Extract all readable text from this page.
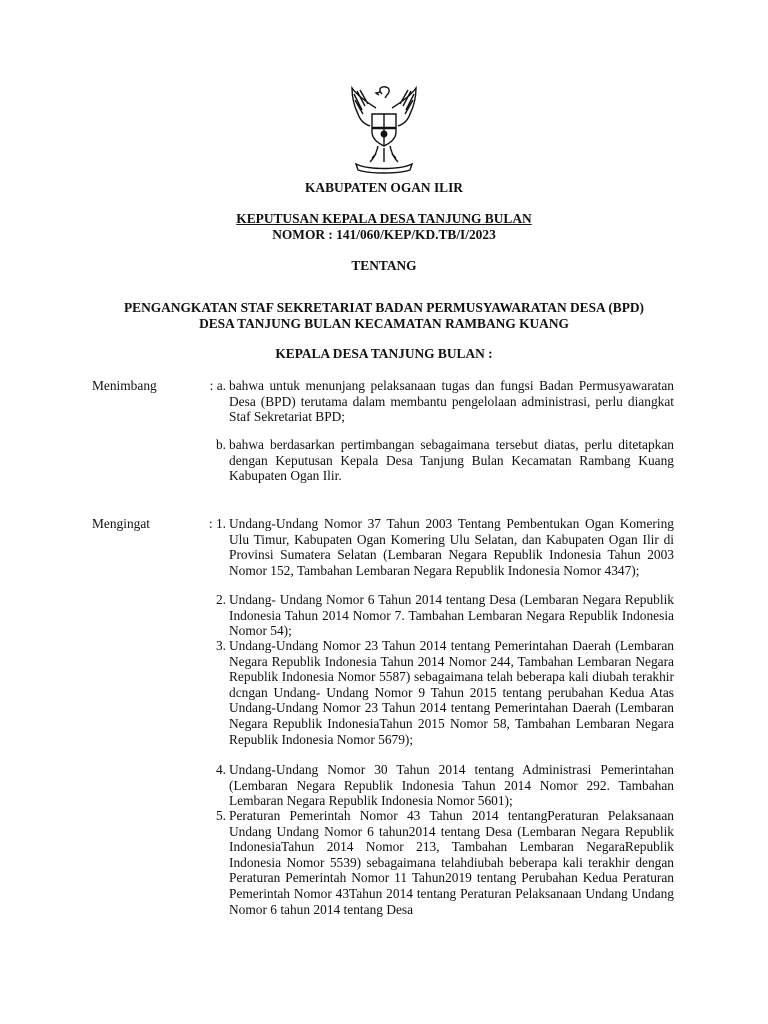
KABUPATEN OGAN ILIR
KEPUTUSAN KEPALA DESA TANJUNG BULAN
NOMOR : 141/060/KEP/KD.TB/I/2023
TENTANG
PENGANGKATAN STAF SEKRETARIAT BADAN PERMUSYAWARATAN DESA (BPD)
DESA TANJUNG BULAN KECAMATAN RAMBANG KUANG
KEPALA DESA TANJUNG BULAN :
Menimbang	: a. bahwa untuk menunjang pelaksanaan tugas dan fungsi Badan Permusyawaratan Desa (BPD) terutama dalam membantu pengelolaan administrasi, perlu diangkat Staf Sekretariat BPD;
b. bahwa berdasarkan pertimbangan sebagaimana tersebut diatas, perlu ditetapkan dengan Keputusan Kepala Desa Tanjung Bulan Kecamatan Rambang Kuang Kabupaten Ogan Ilir.
Mengingat	: 1. Undang-Undang Nomor 37 Tahun 2003 Tentang Pembentukan Ogan Komering Ulu Timur, Kabupaten Ogan Komering Ulu Selatan, dan Kabupaten Ogan Ilir di Provinsi Sumatera Selatan (Lembaran Negara Republik Indonesia Tahun 2003 Nomor 152, Tambahan Lembaran Negara Republik Indonesia Nomor 4347);
2. Undang- Undang Nomor 6 Tahun 2014 tentang Desa (Lembaran Negara Republik Indonesia Tahun 2014 Nomor 7. Tambahan Lembaran Negara Republik Indonesia Nomor 54);
3. Undang-Undang Nomor 23 Tahun 2014 tentang Pemerintahan Daerah (Lembaran Negara Republik Indonesia Tahun 2014 Nomor 244, Tambahan Lembaran Negara Republik Indonesia Nomor 5587) sebagaimana telah beberapa kali diubah terakhir dcngan Undang- Undang Nomor 9 Tahun 2015 tentang perubahan Kedua Atas Undang-Undang Nomor 23 Tahun 2014 tentang Pemerintahan Daerah (Lembaran Negara Republik IndonesiaTahun 2015 Nomor 58, Tambahan Lembaran Negara Republik Indonesia Nomor 5679);
4. Undang-Undang Nomor 30 Tahun 2014 tentang Administrasi Pemerintahan (Lembaran Negara Republik Indonesia Tahun 2014 Nomor 292. Tambahan Lembaran Negara Republik Indonesia Nomor 5601);
5. Peraturan Pemerintah Nomor 43 Tahun 2014 tentangPeraturan Pelaksanaan Undang Undang Nomor 6 tahun2014 tentang Desa (Lembaran Negara Republik IndonesiaTahun 2014 Nomor 213, Tambahan Lembaran NegaraRepublik Indonesia Nomor 5539) sebagaimana telahdiubah beberapa kali terakhir dengan Peraturan Pemerintah Nomor 11 Tahun2019 tentang Perubahan Kedua Peraturan Pemerintah Nomor 43Tahun 2014 tentang Peraturan Pelaksanaan Undang Undang Nomor 6 tahun 2014 tentang Desa
